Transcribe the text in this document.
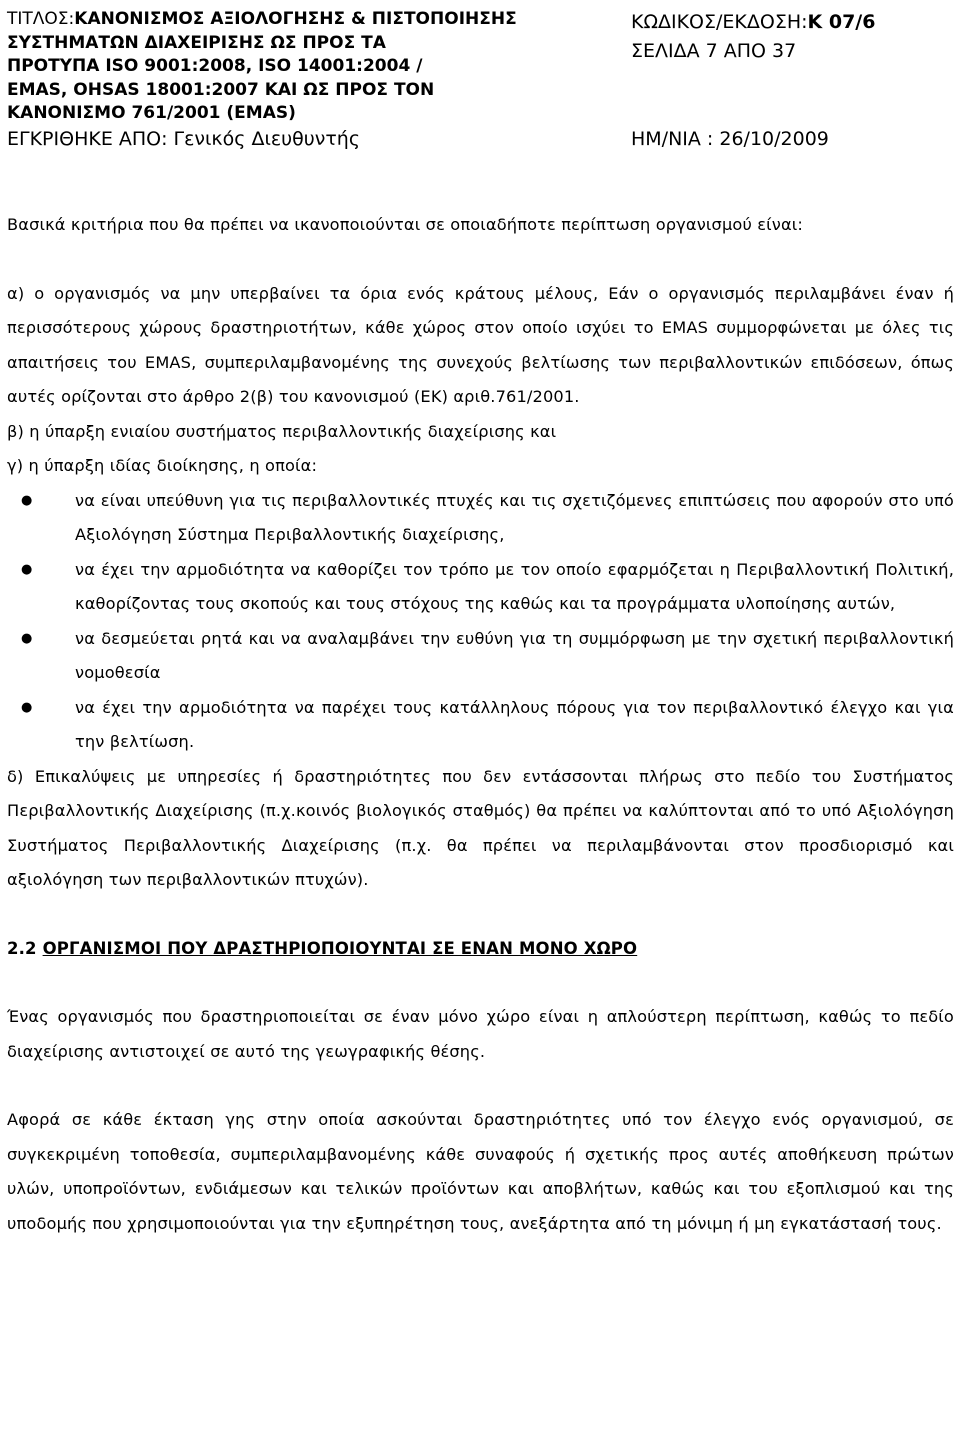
ΤΙΤΛΟΣ:ΚΑΝΟΝΙΣΜΟΣ ΑΞΙΟΛΟΓΗΣΗΣ & ΠΙΣΤΟΠΟΙΗΣΗΣ
ΣΥΣΤΗΜΑΤΩΝ ΔΙΑΧΕΙΡΙΣΗΣ ΩΣ ΠΡΟΣ ΤΑ
ΠΡΟΤΥΠΑ ISO 9001:2008, ISO 14001:2004 /
EMAS, OHSAS 18001:2007 ΚΑΙ ΩΣ ΠΡΟΣ ΤΟΝ
ΚΑΝΟΝΙΣΜΟ 761/2001 (EMAS)
ΚΩΔΙΚΟΣ/ΕΚΔΟΣΗ:Κ 07/6
ΣΕΛΙΔΑ 7 ΑΠΟ 37
ΕΓΚΡΙΘΗΚΕ ΑΠΟ: Γενικός Διευθυντής	ΗΜ/ΝΙΑ : 26/10/2009

Βασικά κριτήρια που θα πρέπει να ικανοποιούνται σε οποιαδήποτε περίπτωση οργανισμού είναι:

α) ο οργανισμός να μην υπερβαίνει τα όρια ενός κράτους μέλους, Εάν ο οργανισμός περιλαμβάνει έναν ή περισσότερους χώρους δραστηριοτήτων, κάθε χώρος στον οποίο ισχύει το EMAS συμμορφώνεται με όλες τις απαιτήσεις του EMAS, συμπεριλαμβανομένης της συνεχούς βελτίωσης των περιβαλλοντικών επιδόσεων, όπως αυτές ορίζονται στο άρθρο 2(β) του κανονισμού (ΕΚ) αριθ.761/2001.

β) η ύπαρξη ενιαίου συστήματος περιβαλλοντικής διαχείρισης και

γ) η ύπαρξη ιδίας διοίκησης, η οποία:

●	να είναι υπεύθυνη για τις περιβαλλοντικές πτυχές και τις σχετιζόμενες επιπτώσεις που αφορούν στο υπό Αξιολόγηση Σύστημα Περιβαλλοντικής διαχείρισης,
●	να έχει την αρμοδιότητα να καθορίζει τον τρόπο με τον οποίο εφαρμόζεται η Περιβαλλοντική Πολιτική, καθορίζοντας τους σκοπούς και τους στόχους της καθώς και τα προγράμματα υλοποίησης αυτών,
●	να δεσμεύεται ρητά και να αναλαμβάνει την ευθύνη για τη συμμόρφωση με την σχετική περιβαλλοντική νομοθεσία
●	να έχει την αρμοδιότητα να παρέχει τους κατάλληλους πόρους για τον περιβαλλοντικό έλεγχο και για την βελτίωση.

δ) Επικαλύψεις με υπηρεσίες ή δραστηριότητες που δεν εντάσσονται πλήρως στο πεδίο του Συστήματος Περιβαλλοντικής Διαχείρισης (π.χ.κοινός βιολογικός σταθμός) θα πρέπει να καλύπτονται από το υπό Αξιολόγηση Συστήματος Περιβαλλοντικής Διαχείρισης (π.χ. θα πρέπει να περιλαμβάνονται στον προσδιορισμό και αξιολόγηση των περιβαλλοντικών πτυχών).

2.2 ΟΡΓΑΝΙΣΜΟΙ ΠΟΥ ΔΡΑΣΤΗΡΙΟΠΟΙΟΥΝΤΑΙ ΣΕ ΕΝΑΝ ΜΟΝΟ ΧΩΡΟ

Ένας οργανισμός που δραστηριοποιείται σε έναν μόνο χώρο είναι η απλούστερη περίπτωση, καθώς το πεδίο διαχείρισης αντιστοιχεί σε αυτό της γεωγραφικής θέσης.

Αφορά σε κάθε έκταση γης στην οποία ασκούνται δραστηριότητες υπό τον έλεγχο ενός οργανισμού, σε συγκεκριμένη τοποθεσία, συμπεριλαμβανομένης κάθε συναφούς ή σχετικής προς αυτές αποθήκευση πρώτων υλών, υποπροϊόντων, ενδιάμεσων και τελικών προϊόντων και αποβλήτων, καθώς και του εξοπλισμού και της υποδομής που χρησιμοποιούνται για την εξυπηρέτηση τους, ανεξάρτητα από τη μόνιμη ή μη εγκατάστασή τους.
